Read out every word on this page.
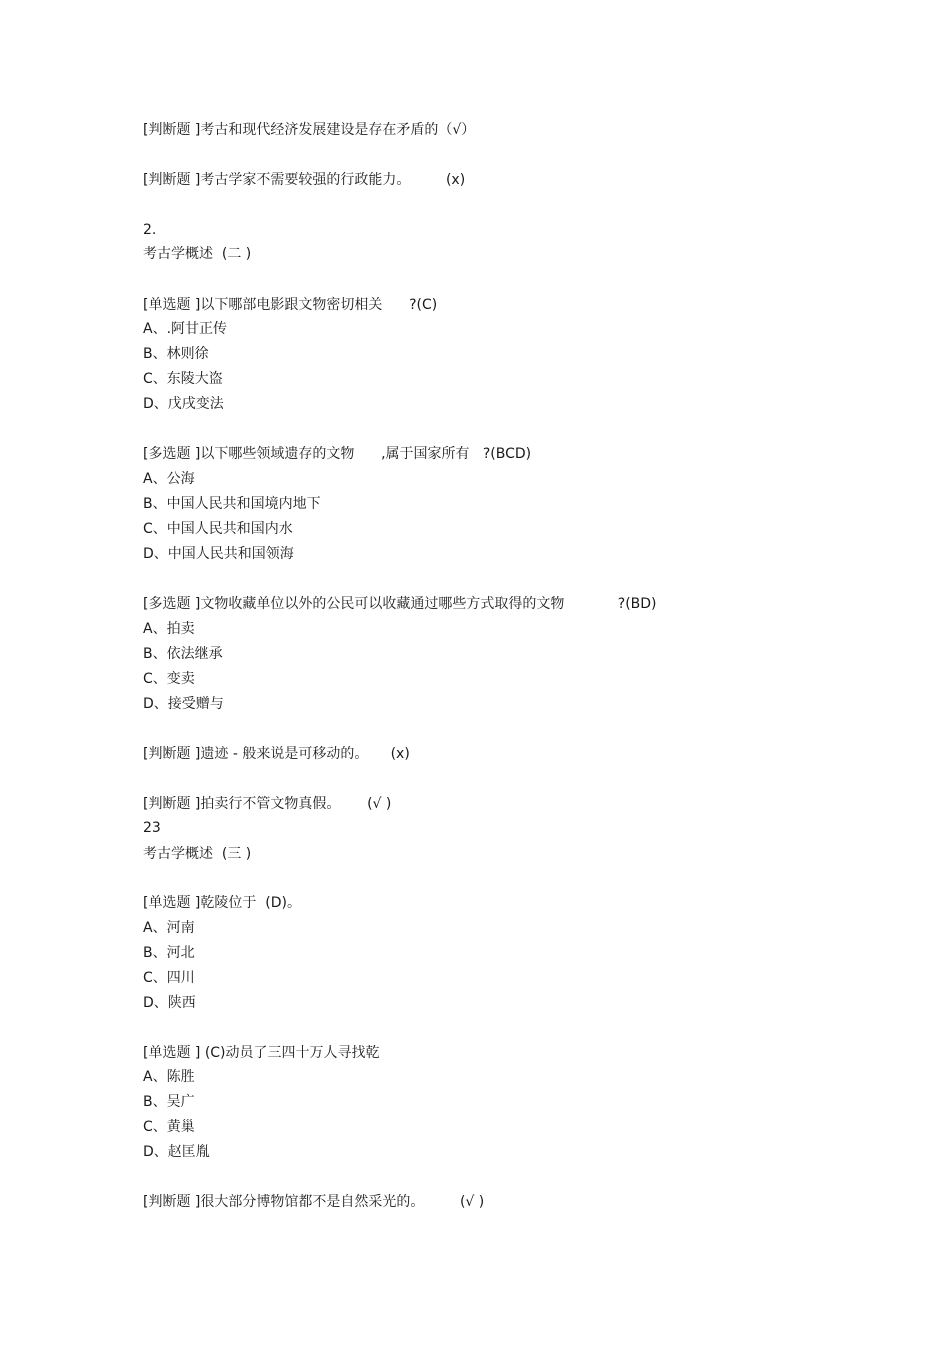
[判断题 ]考古和现代经济发展建设是存在矛盾的（√）
[判断题 ]考古学家不需要较强的行政能力。        (x)
2.
考古学概述  (二 )
[单选题 ]以下哪部电影跟文物密切相关      ?(C)
A、.阿甘正传
B、林则徐
C、东陵大盗
D、戊戌变法
[多选题 ]以下哪些领域遗存的文物      ,属于国家所有   ?(BCD)
A、公海
B、中国人民共和国境内地下
C、中国人民共和国内水
D、中国人民共和国领海
[多选题 ]文物收藏单位以外的公民可以收藏通过哪些方式取得的文物            ?(BD)
A、拍卖
B、依法继承
C、变卖
D、接受赠与
[判断题 ]遗迹 - 般来说是可移动的。     (x)
[判断题 ]拍卖行不管文物真假。      (√ )
23
考古学概述  (三 )
[单选题 ]乾陵位于  (D)。
A、河南
B、河北
C、四川
D、陕西
[单选题 ] (C)动员了三四十万人寻找乾
A、陈胜
B、吴广
C、黄巢
D、赵匡胤
[判断题 ]很大部分博物馆都不是自然采光的。        (√ )
